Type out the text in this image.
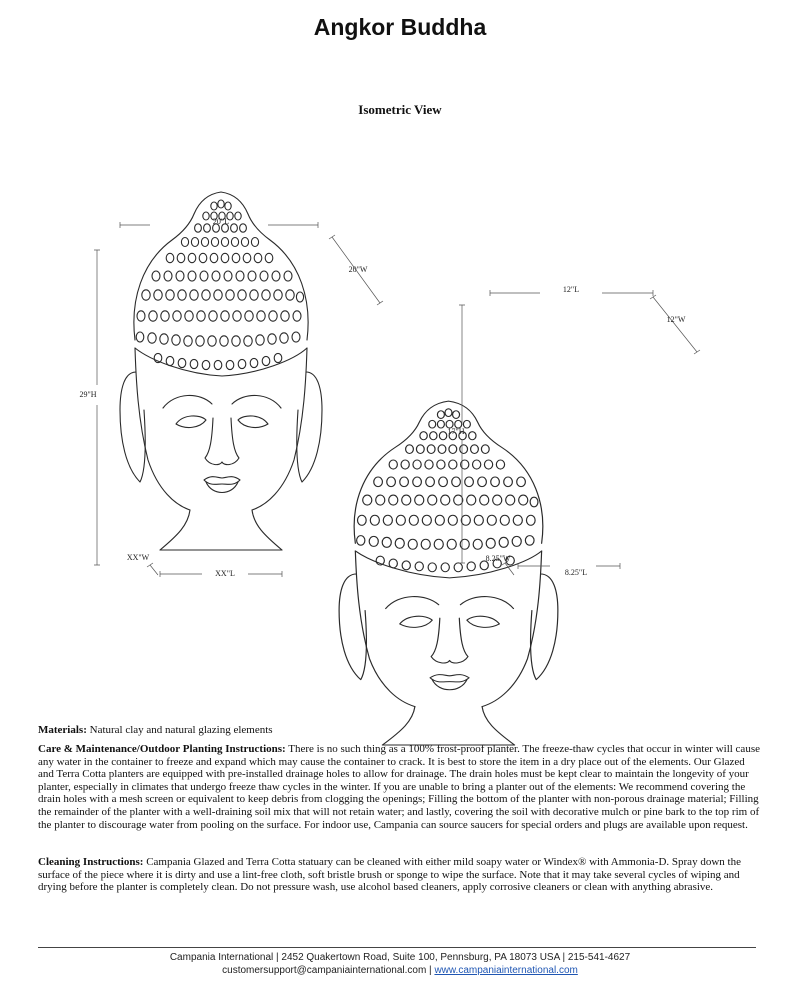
Angkor Buddha
Isometric View
20"L
20"W
29"H
XX"W
XX"L
12"L
12"W
17"H
8.25"W
8.25"L
Materials: Natural clay and natural glazing elements
Care & Maintenance/Outdoor Planting Instructions: There is no such thing as a 100% frost-proof planter. The freeze-thaw cycles that occur in winter will cause any water in the container to freeze and expand which may cause the container to crack. It is best to store the item in a dry place out of the elements. Our Glazed and Terra Cotta planters are equipped with pre-installed drainage holes to allow for drainage. The drain holes must be kept clear to maintain the longevity of your planter, especially in climates that undergo freeze thaw cycles in the winter. If you are unable to bring a planter out of the elements: We recommend covering the drain holes with a mesh screen or equivalent to keep debris from clogging the openings; Filling the bottom of the planter with non-porous drainage material; Filling the remainder of the planter with a well-draining soil mix that will not retain water; and lastly, covering the soil with decorative mulch or pine bark to the top rim of the planter to discourage water from pooling on the surface. For indoor use, Campania can source saucers for special orders and plugs are available upon request.
Cleaning Instructions: Campania Glazed and Terra Cotta statuary can be cleaned with either mild soapy water or Windex® with Ammonia-D. Spray down the surface of the piece where it is dirty and use a lint-free cloth, soft bristle brush or sponge to wipe the surface. Note that it may take several cycles of wiping and drying before the planter is completely clean. Do not pressure wash, use alcohol based cleaners, apply corrosive cleaners or clean with anything abrasive.
Campania International | 2452 Quakertown Road, Suite 100, Pennsburg, PA 18073 USA | 215-541-4627
customersupport@campaniainternational.com | www.campaniainternational.com
